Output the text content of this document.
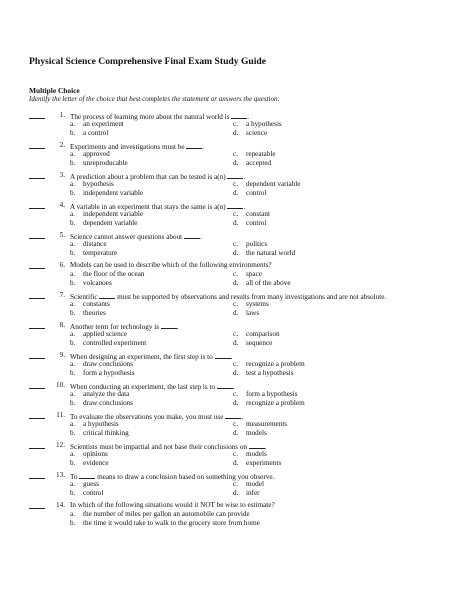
Physical Science Comprehensive Final Exam Study Guide
Multiple Choice
Identify the letter of the choice that best completes the statement or answers the question.
1. The process of learning more about the natural world is .
a. an experiment
b. a control
c. a hypothesis
d. science
2. Experiments and investigations must be .
a. approved
b. unreproducable
c. repeatable
d. accepted
3. A prediction about a problem that can be tested is a(n) .
a. hypothesis
b. independent variable
c. dependent variable
d. control
4. A variable in an experiment that stays the same is a(n) .
a. independent variable
b. dependent variable
c. constant
d. control
5. Science cannot answer questions about .
a. distance
b. temperature
c. politics
d. the natural world
6. Models can be used to describe which of the following environments?
a. the floor of the ocean
b. volcanoes
c. space
d. all of the above
7. Scientific	must be supported by observations and results from many investigations and are not absolute.
a. constants
b. theories
c. systems
d. laws
8. Another term for technology is .
a. applied science
b. controlled experiment
c. comparison
d. sequence
9. When designing an experiment, the first step is to .
a. draw conclusions
b. form a hypothesis
c. recognize a problem
d. test a hypothesis
10. When conducting an experiment, the last step is to .
a. analyze the data
b. draw conclusions
c. form a hypothesis
d. recognize a problem
11. To evaluate the observations you make, you must use .
a. a hypothesis
b. critical thinking
c. measurements
d. models
12. Scientists must be impartial and not base their conclusions on .
a. opinions
b. evidence
c. models
d. experiments
13. To	means to draw a conclusion based on something you observe.
a. guess
b. control
c. model
d. infer
14. In which of the following situations would it NOT be wise to estimate?
a. the number of miles per gallon an automobile can provide
b. the time it would take to walk to the grocery store from home
